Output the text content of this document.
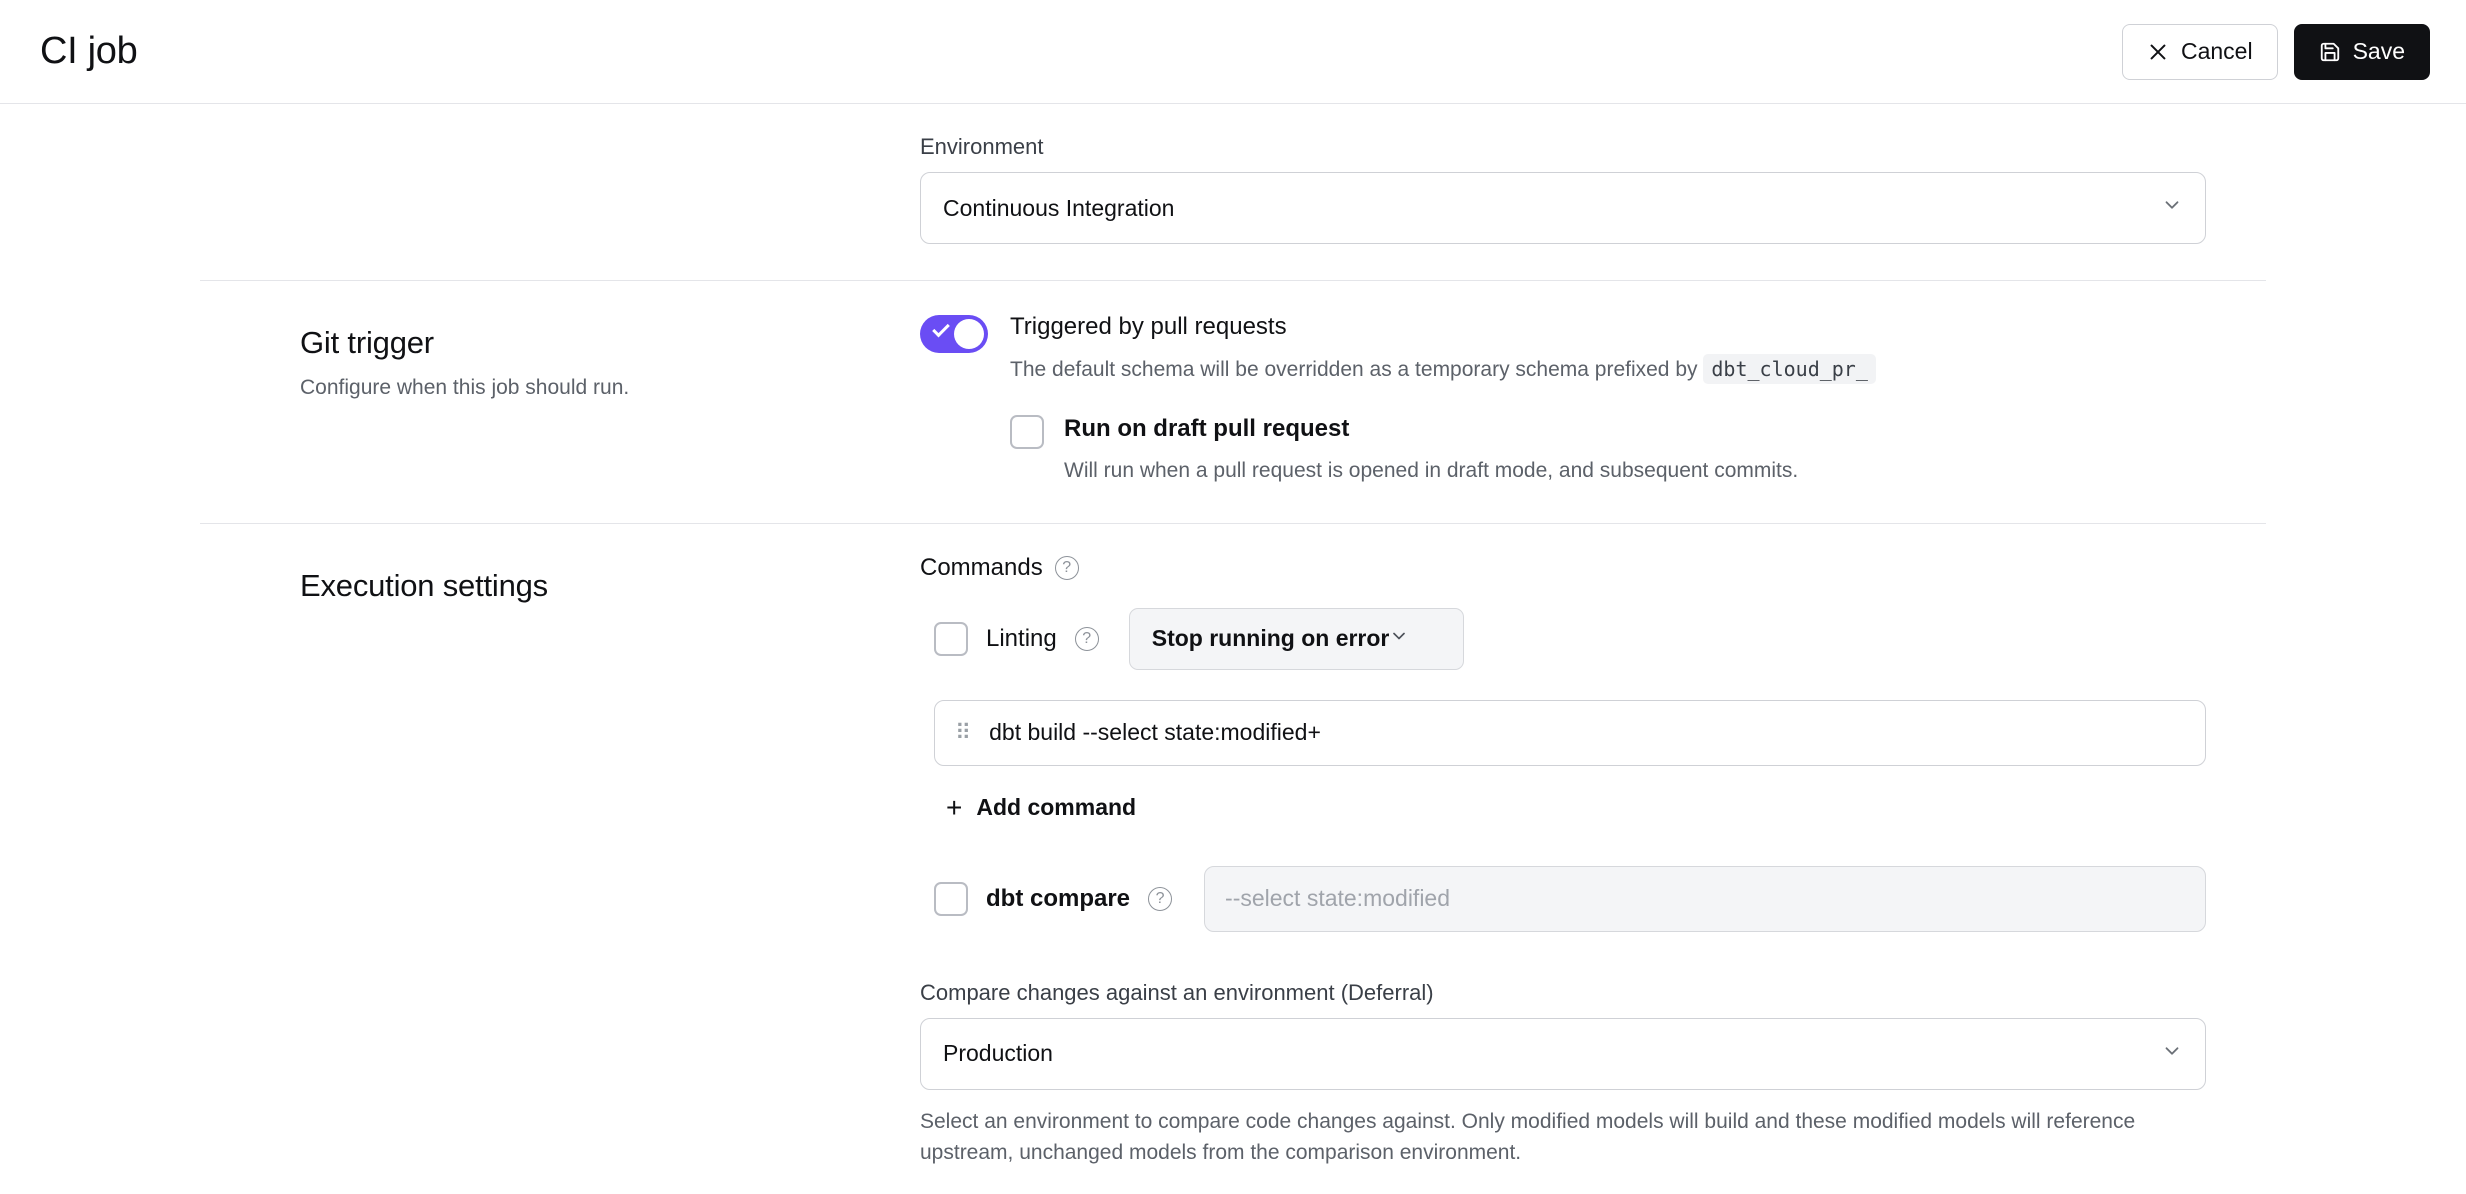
CI job	Cancel	Save
Environment
Continuous Integration
Git trigger

Configure when this job should run.

Triggered by pull requests
The default schema will be overridden as a temporary schema prefixed by dbt_cloud_pr_
Run on draft pull request
Will run when a pull request is opened in draft mode, and subsequent commits.
Execution settings
Commands	?
Linting	?	Stop running on error
⠿ dbt build --select state:modified+
+ Add command
dbt compare	?	--select state:modified
Compare changes against an environment (Deferral)
Production
Select an environment to compare code changes against. Only modified models will build and these modified models will reference upstream, unchanged models from the comparison environment.
